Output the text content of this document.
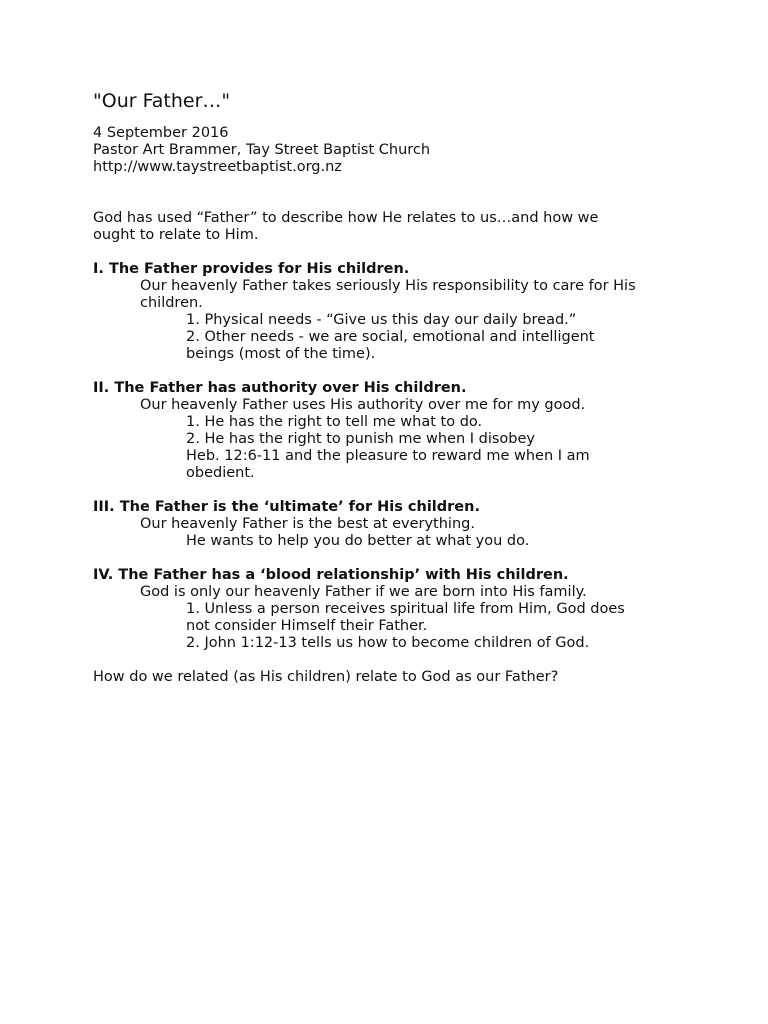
"Our Father…"
4 September 2016
Pastor Art Brammer, Tay Street Baptist Church
http://www.taystreetbaptist.org.nz
God has used “Father” to describe how He relates to us…and how we
ought to relate to Him.
I. The Father provides for His children.
Our heavenly Father takes seriously His responsibility to care for His
children.
1. Physical needs - “Give us this day our daily bread.”
2. Other needs - we are social, emotional and intelligent
beings (most of the time).
II. The Father has authority over His children.
Our heavenly Father uses His authority over me for my good.
1. He has the right to tell me what to do.
2. He has the right to punish me when I disobey
Heb. 12:6-11 and the pleasure to reward me when I am
obedient.
III. The Father is the ‘ultimate’ for His children.
Our heavenly Father is the best at everything.
He wants to help you do better at what you do.
IV. The Father has a ‘blood relationship’ with His children.
God is only our heavenly Father if we are born into His family.
1. Unless a person receives spiritual life from Him, God does
not consider Himself their Father.
2. John 1:12-13 tells us how to become children of God.
How do we related (as His children) relate to God as our Father?
